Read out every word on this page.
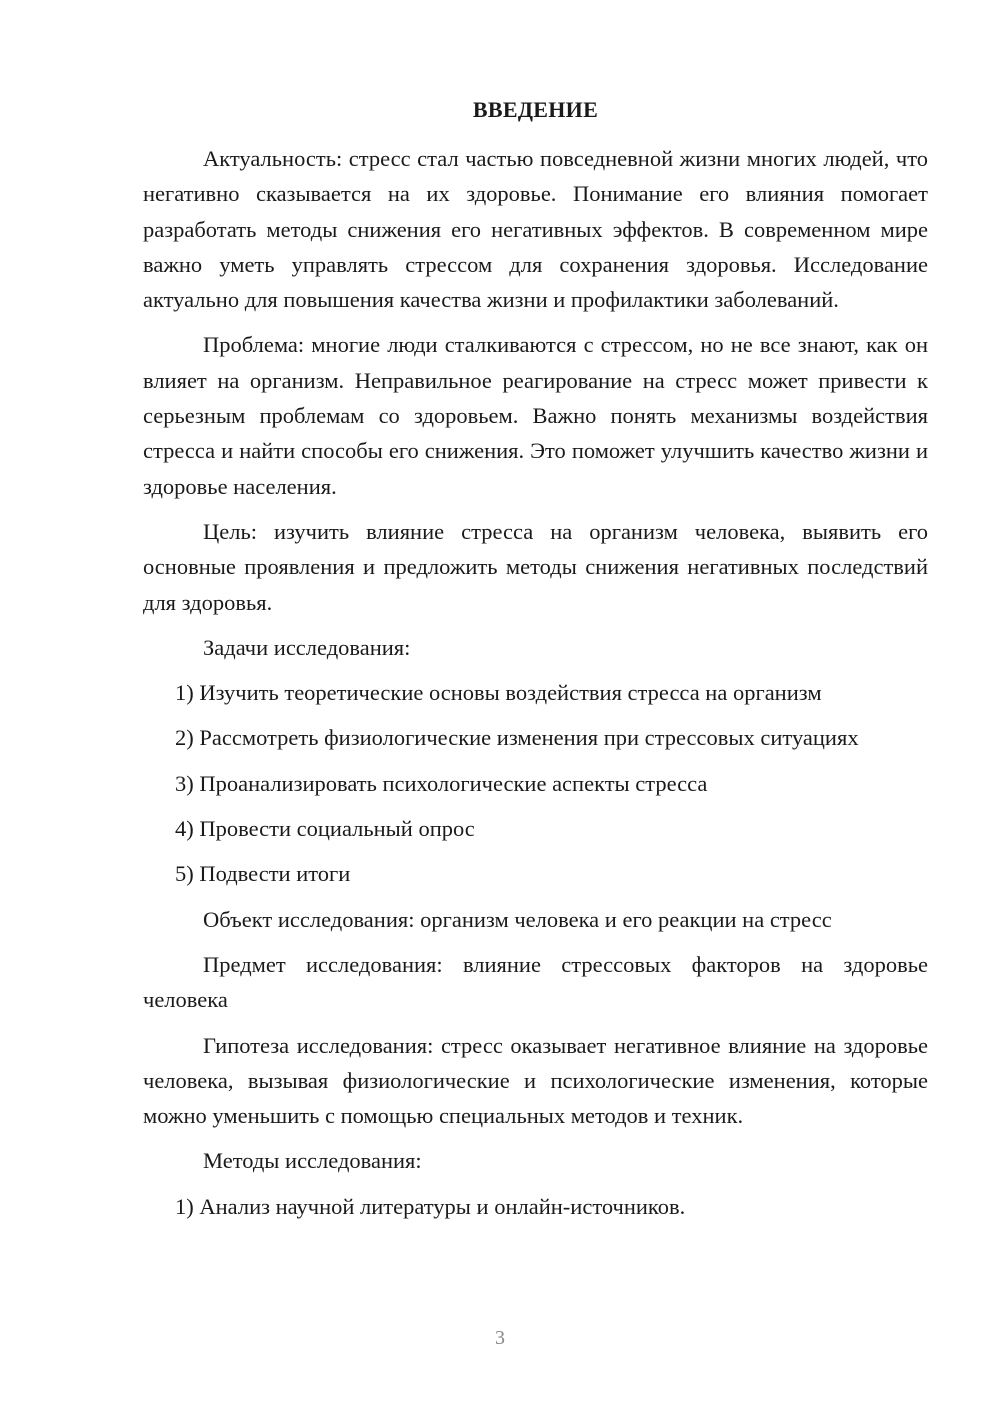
ВВЕДЕНИЕ
Актуальность: стресс стал частью повседневной жизни многих людей, что негативно сказывается на их здоровье. Понимание его влияния помогает разработать методы снижения его негативных эффектов. В современном мире важно уметь управлять стрессом для сохранения здоровья. Исследование актуально для повышения качества жизни и профилактики заболеваний.
Проблема: многие люди сталкиваются с стрессом, но не все знают, как он влияет на организм. Неправильное реагирование на стресс может привести к серьезным проблемам со здоровьем. Важно понять механизмы воздействия стресса и найти способы его снижения. Это поможет улучшить качество жизни и здоровье населения.
Цель: изучить влияние стресса на организм человека, выявить его основные проявления и предложить методы снижения негативных последствий для здоровья.
Задачи исследования:
1) Изучить теоретические основы воздействия стресса на организм
2) Рассмотреть физиологические изменения при стрессовых ситуациях
3) Проанализировать психологические аспекты стресса
4) Провести социальный опрос
5) Подвести итоги
Объект исследования: организм человека и его реакции на стресс
Предмет исследования: влияние стрессовых факторов на здоровье человека
Гипотеза исследования: стресс оказывает негативное влияние на здоровье человека, вызывая физиологические и психологические изменения, которые можно уменьшить с помощью специальных методов и техник.
Методы исследования:
1) Анализ научной литературы и онлайн-источников.
3
